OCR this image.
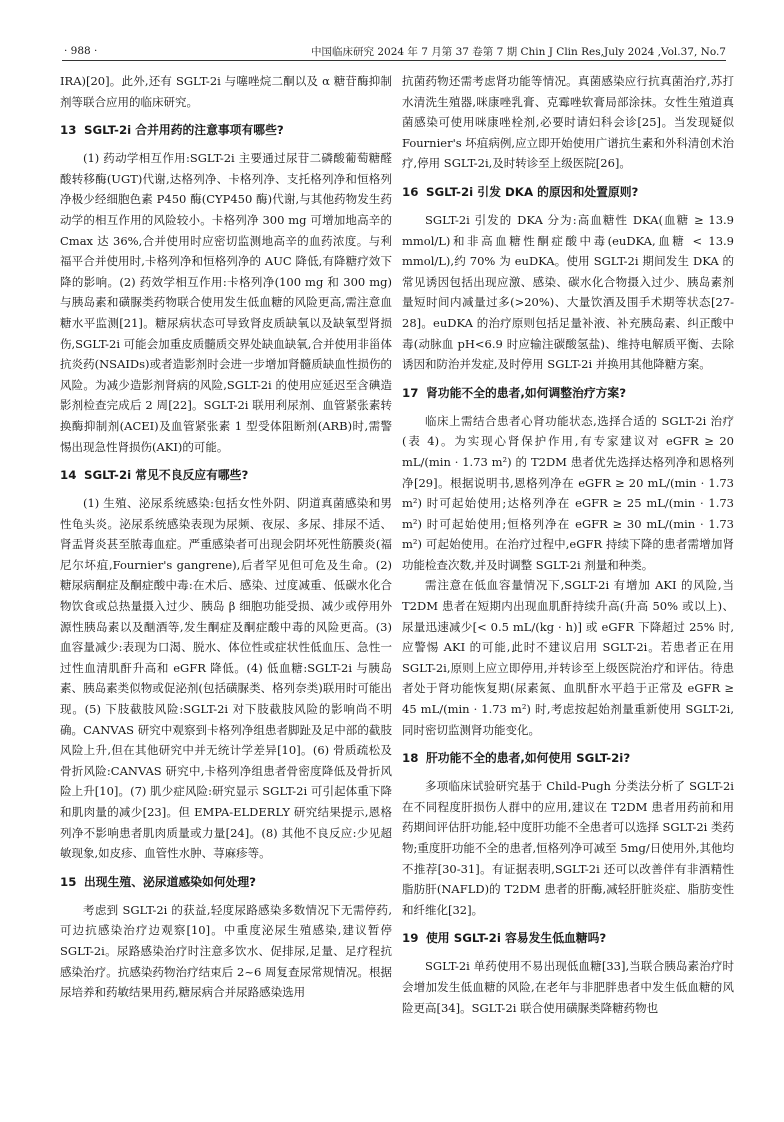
· 988 ·	中国临床研究 2024 年 7 月第 37 卷第 7 期 Chin J Clin Res,July 2024 ,Vol.37, No.7

IRA)[20]。此外,还有 SGLT-2i 与噻唑烷二酮以及 α 糖苷酶抑制剂等联合应用的临床研究。

13 SGLT-2i 合并用药的注意事项有哪些?

(1) 药动学相互作用:SGLT-2i 主要通过尿苷二磷酸葡萄糖醛酸转移酶(UGT)代谢,达格列净、卡格列净、支托格列净和恒格列净极少经细胞色素 P450 酶(CYP450 酶)代谢,与其他药物发生药动学的相互作用的风险较小。卡格列净 300 mg 可增加地高辛的 Cmax 达 36%,合并使用时应密切监测地高辛的血药浓度。与利福平合并使用时,卡格列净和恒格列净的 AUC 降低,有降糖疗效下降的影响。(2) 药效学相互作用:卡格列净(100 mg 和 300 mg)与胰岛素和磺脲类药物联合使用发生低血糖的风险更高,需注意血糖水平监测[21]。糖尿病状态可导致肾皮质缺氧以及缺氧型肾损伤,SGLT-2i 可能会加重皮质髓质交界处缺血缺氧,合并使用非甾体抗炎药(NSAIDs)或者造影剂时会进一步增加肾髓质缺血性损伤的风险。为减少造影剂肾病的风险,SGLT-2i 的使用应延迟至含碘造影剂检查完成后 2 周[22]。SGLT-2i 联用利尿剂、血管紧张素转换酶抑制剂(ACEI)及血管紧张素 1 型受体阻断剂(ARB)时,需警惕出现急性肾损伤(AKI)的可能。

14 SGLT-2i 常见不良反应有哪些?

(1) 生殖、泌尿系统感染:包括女性外阴、阴道真菌感染和男性龟头炎。泌尿系统感染表现为尿频、夜尿、多尿、排尿不适、肾盂肾炎甚至脓毒血症。严重感染者可出现会阴坏死性筋膜炎(福尼尔坏疽,Fournier's gangrene),后者罕见但可危及生命。(2) 糖尿病酮症及酮症酸中毒:在术后、感染、过度减重、低碳水化合物饮食或总热量摄入过少、胰岛 β 细胞功能受损、减少或停用外源性胰岛素以及酗酒等,发生酮症及酮症酸中毒的风险更高。(3) 血容量减少:表现为口渴、脱水、体位性或症状性低血压、急性一过性血清肌酐升高和 eGFR 降低。(4) 低血糖:SGLT-2i 与胰岛素、胰岛素类似物或促泌剂(包括磺脲类、格列奈类)联用时可能出现。(5) 下肢截肢风险:SGLT-2i 对下肢截肢风险的影响尚不明确。CANVAS 研究中观察到卡格列净组患者脚趾及足中部的截肢风险上升,但在其他研究中并无统计学差异[10]。(6) 骨质疏松及骨折风险:CANVAS 研究中,卡格列净组患者骨密度降低及骨折风险上升[10]。(7) 肌少症风险:研究显示 SGLT-2i 可引起体重下降和肌肉量的减少[23]。但 EMPA-ELDERLY 研究结果提示,恩格列净不影响患者肌肉质量或力量[24]。(8) 其他不良反应:少见超敏现象,如皮疹、血管性水肿、荨麻疹等。

15 出现生殖、泌尿道感染如何处理?

考虑到 SGLT-2i 的获益,轻度尿路感染多数情况下无需停药,可边抗感染治疗边观察[10]。中重度泌尿生殖感染,建议暂停 SGLT-2i。尿路感染治疗时注意多饮水、促排尿,足量、足疗程抗感染治疗。抗感染药物治疗结束后 2~6 周复查尿常规情况。根据尿培养和药敏结果用药,糖尿病合并尿路感染选用

抗菌药物还需考虑肾功能等情况。真菌感染应行抗真菌治疗,苏打水清洗生殖器,咪康唑乳膏、克霉唑软膏局部涂抹。女性生殖道真菌感染可使用咪康唑栓剂,必要时请妇科会诊[25]。当发现疑似 Fournier's 坏疽病例,应立即开始使用广谱抗生素和外科清创术治疗,停用 SGLT-2i,及时转诊至上级医院[26]。

16 SGLT-2i 引发 DKA 的原因和处置原则?

SGLT-2i 引发的 DKA 分为:高血糖性 DKA(血糖 ≥ 13.9 mmol/L)和非高血糖性酮症酸中毒(euDKA,血糖 < 13.9 mmol/L),约 70% 为 euDKA。使用 SGLT-2i 期间发生 DKA 的常见诱因包括出现应激、感染、碳水化合物摄入过少、胰岛素剂量短时间内减量过多(>20%)、大量饮酒及围手术期等状态[27-28]。euDKA 的治疗原则包括足量补液、补充胰岛素、纠正酸中毒(动脉血 pH<6.9 时应输注碳酸氢盐)、维持电解质平衡、去除诱因和防治并发症,及时停用 SGLT-2i 并换用其他降糖方案。

17 肾功能不全的患者,如何调整治疗方案?

临床上需结合患者心肾功能状态,选择合适的 SGLT-2i 治疗(表 4)。为实现心肾保护作用,有专家建议对 eGFR ≥ 20 mL/(min · 1.73 m²) 的 T2DM 患者优先选择达格列净和恩格列净[29]。根据说明书,恩格列净在 eGFR ≥ 20 mL/(min · 1.73 m²) 时可起始使用;达格列净在 eGFR ≥ 25 mL/(min · 1.73 m²) 时可起始使用;恒格列净在 eGFR ≥ 30 mL/(min · 1.73 m²) 可起始使用。在治疗过程中,eGFR 持续下降的患者需增加肾功能检查次数,并及时调整 SGLT-2i 剂量和种类。

需注意在低血容量情况下,SGLT-2i 有增加 AKI 的风险,当 T2DM 患者在短期内出现血肌酐持续升高(升高 50% 或以上)、尿量迅速减少[< 0.5 mL/(kg · h)] 或 eGFR 下降超过 25% 时,应警惕 AKI 的可能,此时不建议启用 SGLT-2i。若患者正在用 SGLT-2i,原则上应立即停用,并转诊至上级医院治疗和评估。待患者处于肾功能恢复期(尿素氮、血肌酐水平趋于正常及 eGFR ≥ 45 mL/(min · 1.73 m²) 时,考虑按起始剂量重新使用 SGLT-2i,同时密切监测肾功能变化。

18 肝功能不全的患者,如何使用 SGLT-2i?

多项临床试验研究基于 Child-Pugh 分类法分析了 SGLT-2i 在不同程度肝损伤人群中的应用,建议在 T2DM 患者用药前和用药期间评估肝功能,轻中度肝功能不全患者可以选择 SGLT-2i 类药物;重度肝功能不全的患者,恒格列净可减至 5mg/日使用外,其他均不推荐[30-31]。有证据表明,SGLT-2i 还可以改善伴有非酒精性脂肪肝(NAFLD)的 T2DM 患者的肝酶,减轻肝脏炎症、脂肪变性和纤维化[32]。

19 使用 SGLT-2i 容易发生低血糖吗?

SGLT-2i 单药使用不易出现低血糖[33],当联合胰岛素治疗时会增加发生低血糖的风险,在老年与非肥胖患者中发生低血糖的风险更高[34]。SGLT-2i 联合使用磺脲类降糖药物也
